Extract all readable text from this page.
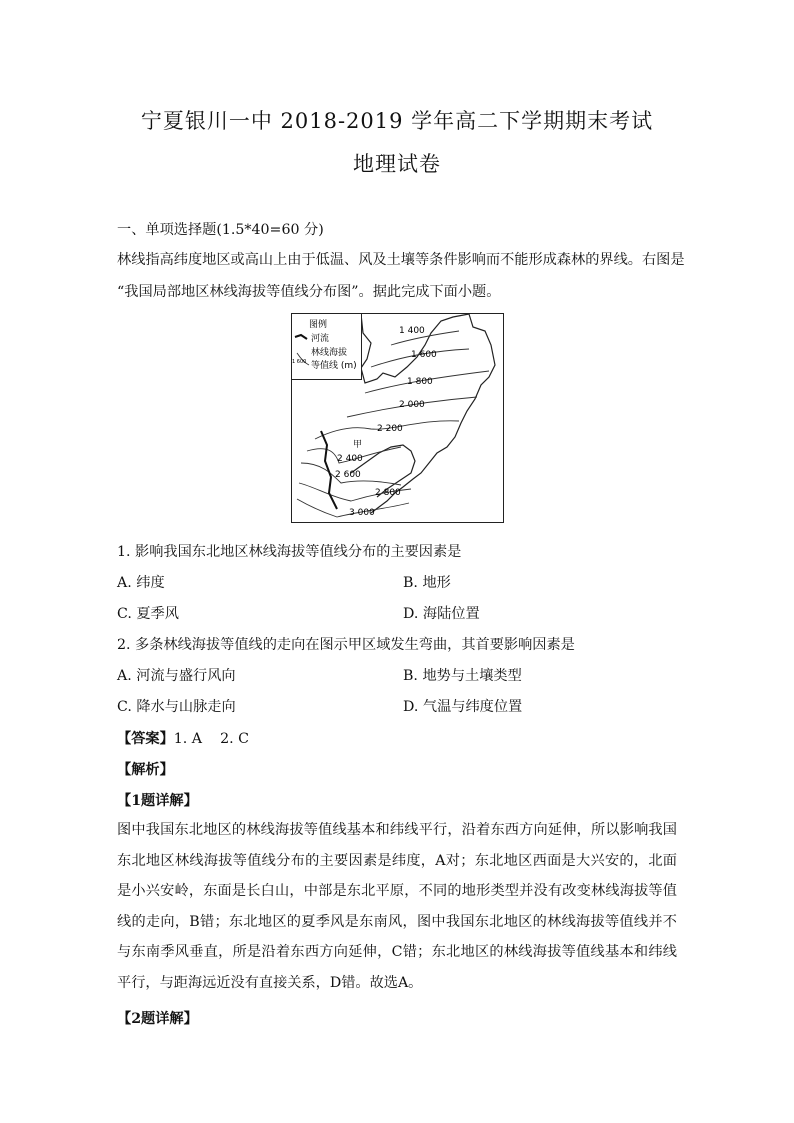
宁夏银川一中 2018-2019 学年高二下学期期末考试
地理试卷
一、单项选择题(1.5*40=60 分)
林线指高纬度地区或高山上由于低温、风及土壤等条件影响而不能形成森林的界线。右图是
“我国局部地区林线海拔等值线分布图”。据此完成下面小题。
图例
河流
林线海拔
等值线 (m)
1 600
1 400
1 600
1 800
2 000
2 200
甲
2 400
2 600
2 800
3 000
1. 影响我国东北地区林线海拔等值线分布的主要因素是
A. 纬度	B. 地形
C. 夏季风	D. 海陆位置
2. 多条林线海拔等值线的走向在图示甲区域发生弯曲，其首要影响因素是
A. 河流与盛行风向	B. 地势与土壤类型
C. 降水与山脉走向	D. 气温与纬度位置
【答案】1. A    2. C
【解析】
【1题详解】
图中我国东北地区的林线海拔等值线基本和纬线平行，沿着东西方向延伸，所以影响我国东北地区林线海拔等值线分布的主要因素是纬度，A对；东北地区西面是大兴安的，北面是小兴安岭，东面是长白山，中部是东北平原，不同的地形类型并没有改变林线海拔等值线的走向，B错；东北地区的夏季风是东南风，图中我国东北地区的林线海拔等值线并不与东南季风垂直，所是沿着东西方向延伸，C错；东北地区的林线海拔等值线基本和纬线平行，与距海远近没有直接关系，D错。故选A。
【2题详解】
